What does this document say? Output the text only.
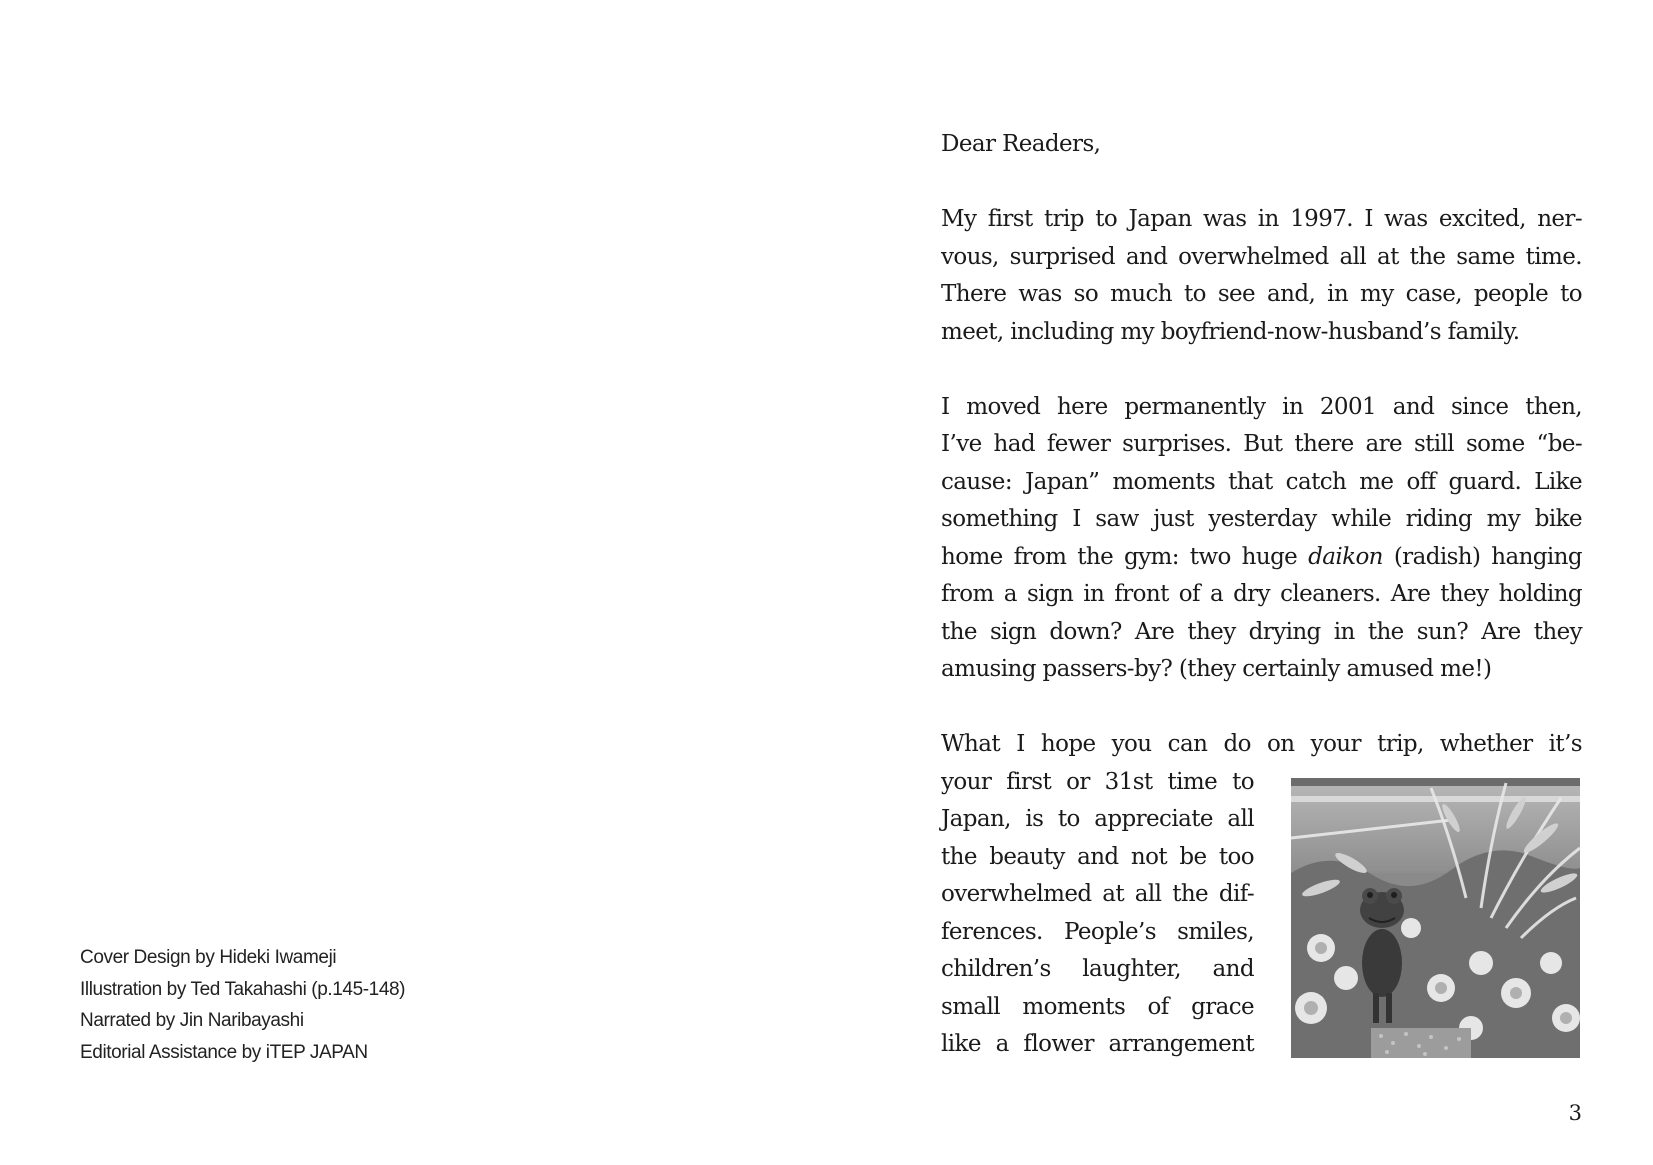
Cover Design by Hideki Iwameji
Illustration by Ted Takahashi (p.145-148)
Narrated by Jin Naribayashi
Editorial Assistance by iTEP JAPAN
Dear Readers,
My first trip to Japan was in 1997. I was excited, ner-
vous, surprised and overwhelmed all at the same time.
There was so much to see and, in my case, people to
meet, including my boyfriend-now-husband’s family.
I moved here permanently in 2001 and since then,
I’ve had fewer surprises. But there are still some “be-
cause: Japan” moments that catch me off guard. Like
something I saw just yesterday while riding my bike
home from the gym: two huge daikon (radish) hanging
from a sign in front of a dry cleaners. Are they holding
the sign down? Are they drying in the sun? Are they
amusing passers-by? (they certainly amused me!)
What I hope you can do on your trip, whether it’s
your first or 31st time to
Japan, is to appreciate all
the beauty and not be too
overwhelmed at all the dif-
ferences. People’s smiles,
children’s laughter, and
small moments of grace
like a flower arrangement
3
